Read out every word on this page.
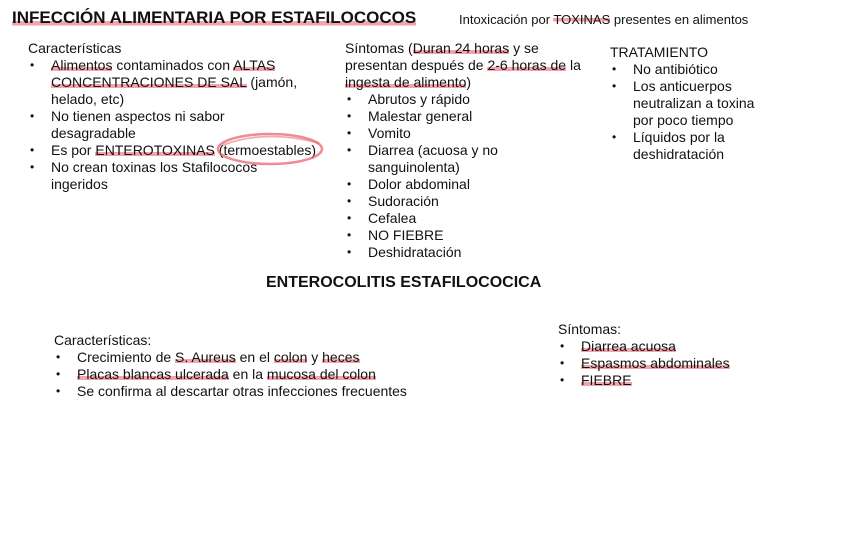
INFECCIÓN ALIMENTARIA POR ESTAFILOCOCOS	Intoxicación por TOXINAS presentes en alimentos
Características
• Alimentos contaminados con ALTAS CONCENTRACIONES DE SAL (jamón, helado, etc)
• No tienen aspectos ni sabor desagradable
• Es por ENTEROTOXINAS (termoestables)
• No crean toxinas los Stafilococos ingeridos
Síntomas (Duran 24 horas y se presentan después de 2-6 horas de la ingesta de alimento)
• Abrutos y rápido
• Malestar general
• Vomito
• Diarrea (acuosa y no sanguinolenta)
• Dolor abdominal
• Sudoración
• Cefalea
• NO FIEBRE
• Deshidratación
TRATAMIENTO
• No antibiótico
• Los anticuerpos neutralizan a toxina por poco tiempo
• Líquidos por la deshidratación
ENTEROCOLITIS ESTAFILOCOCICA
Características:
• Crecimiento de S. Aureus en el colon y heces
• Placas blancas ulcerada en la mucosa del colon
• Se confirma al descartar otras infecciones frecuentes
Síntomas:
• Diarrea acuosa
• Espasmos abdominales
• FIEBRE
